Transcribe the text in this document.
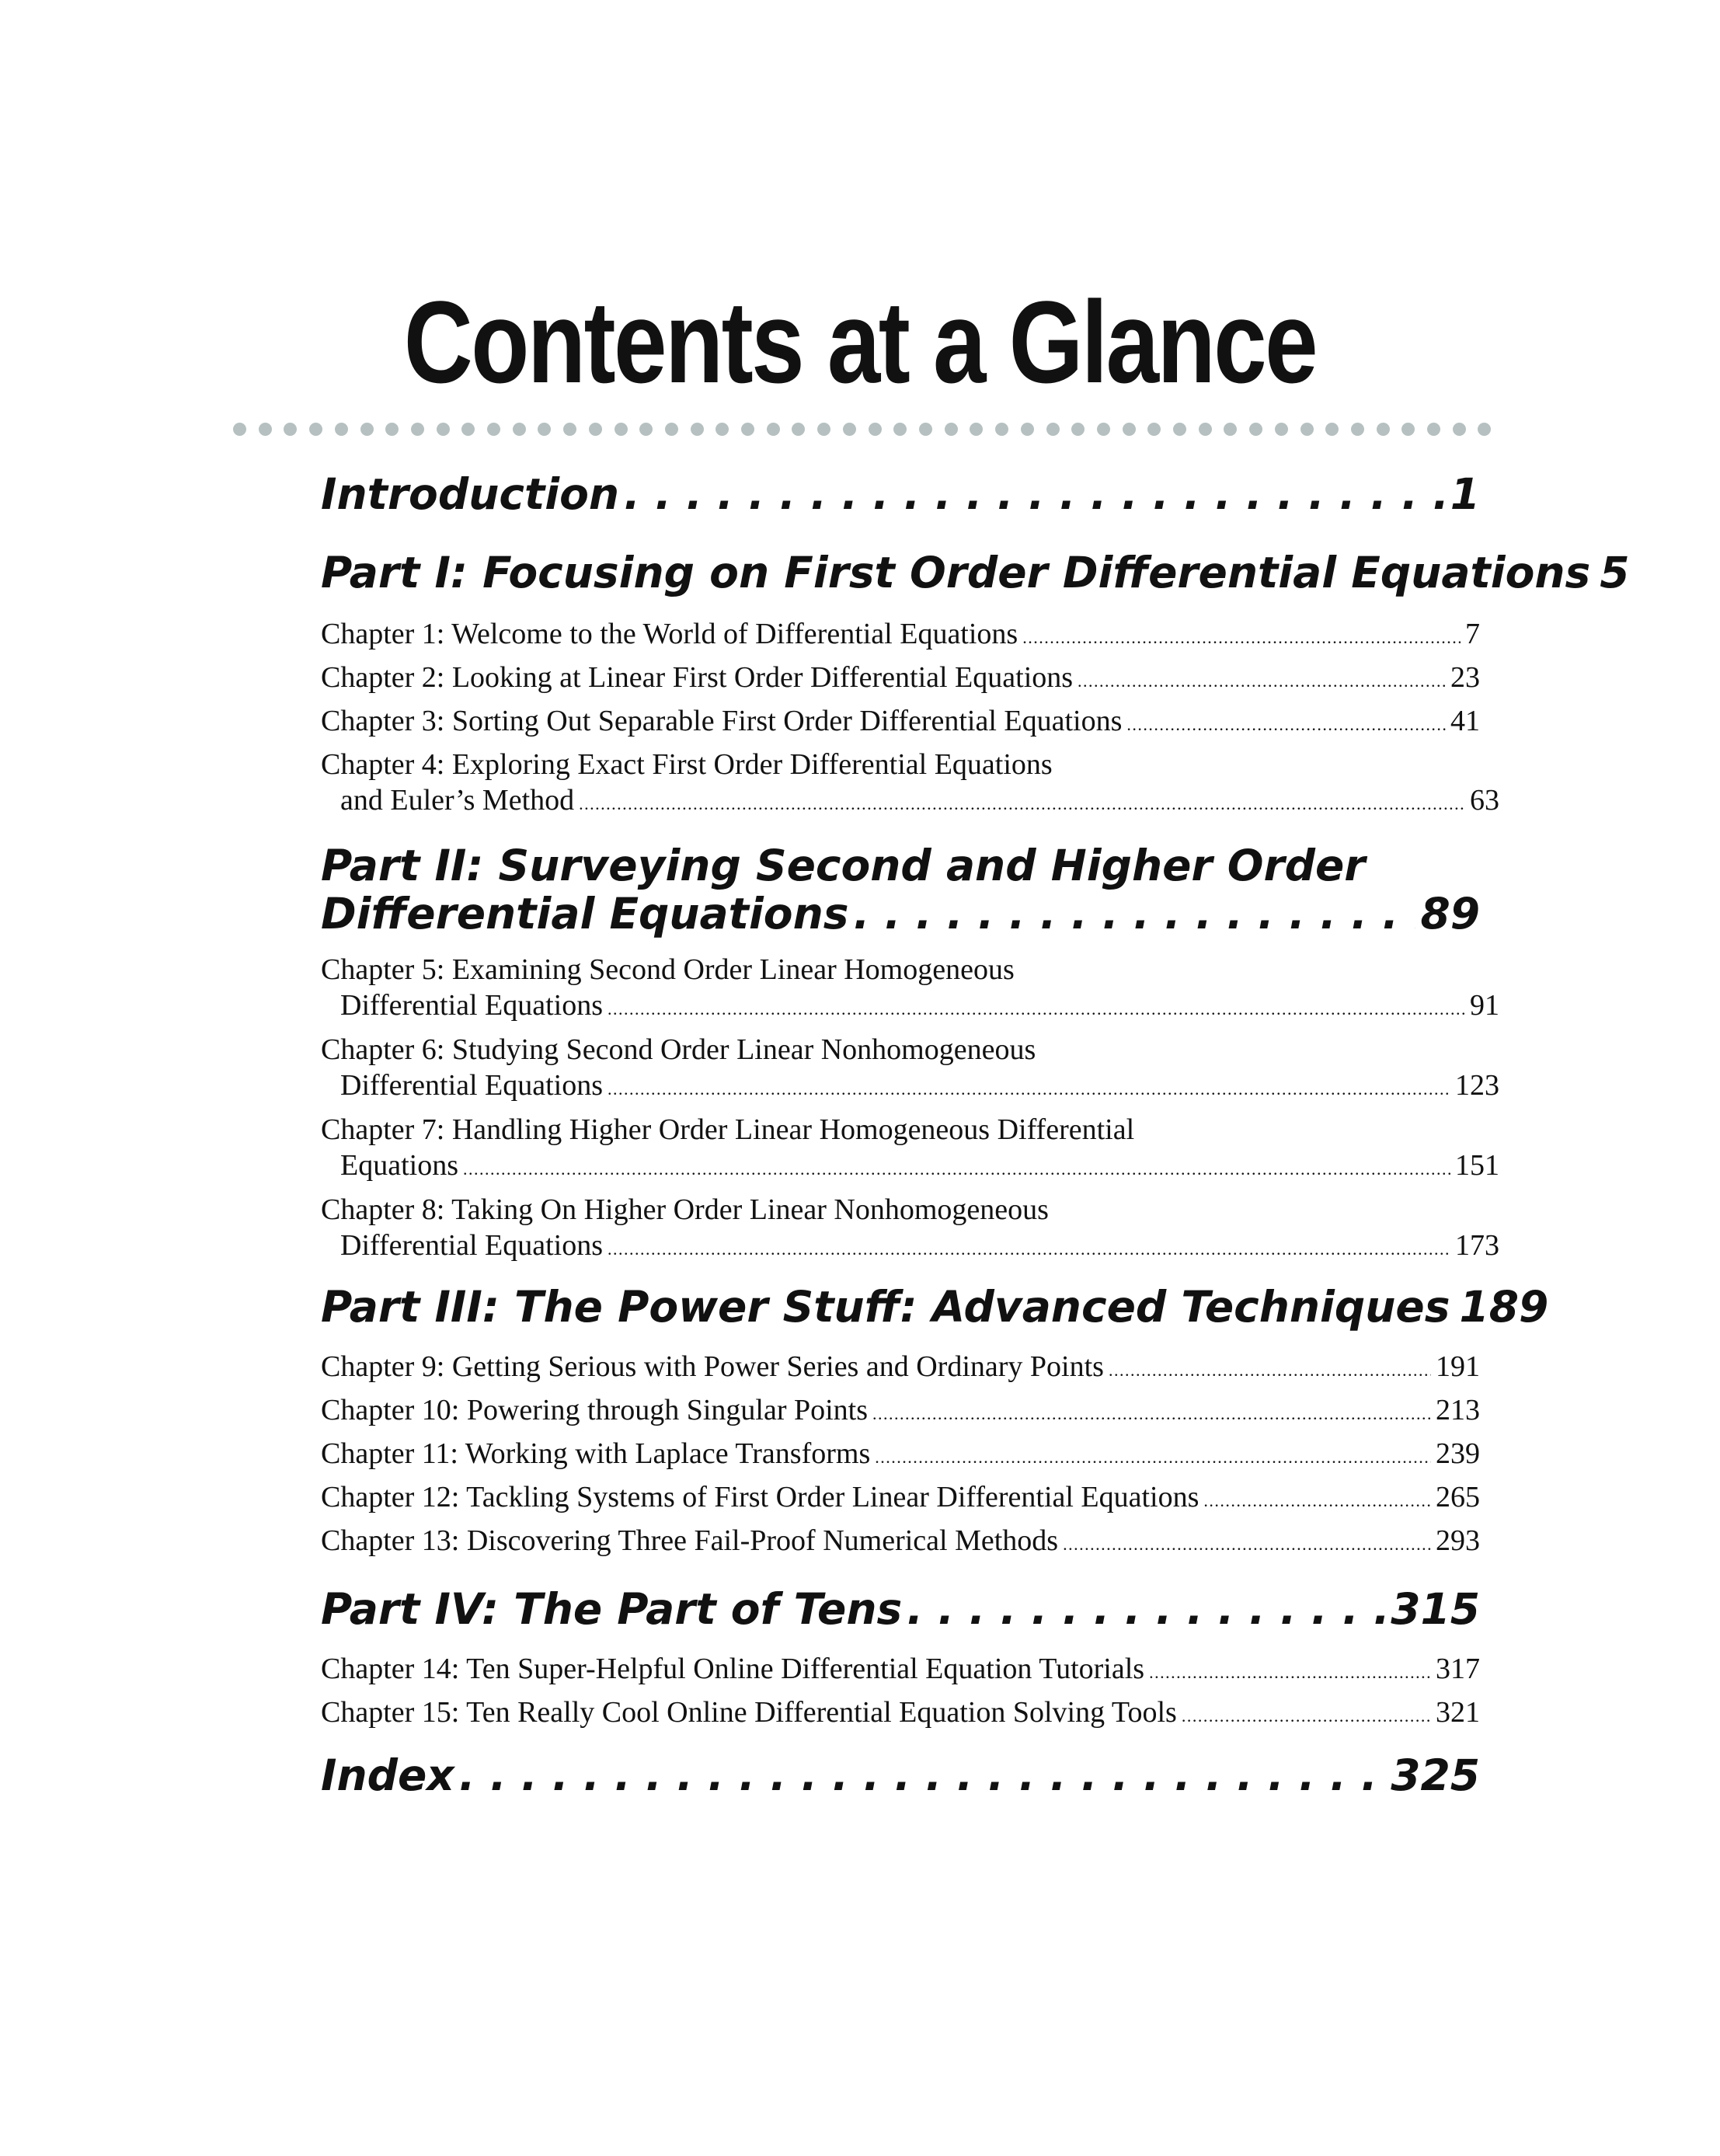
Contents at a Glance
Introduction . . .	1
Part I: Focusing on First Order Differential Equations 5
Chapter 1: Welcome to the World of Differential Equations . . .	7
Chapter 2: Looking at Linear First Order Differential Equations . . .	23
Chapter 3: Sorting Out Separable First Order Differential Equations . . .	41
Chapter 4: Exploring Exact First Order Differential Equations
and Euler’s Method . . .	63
Part II: Surveying Second and Higher Order
Differential Equations . . .	89
Chapter 5: Examining Second Order Linear Homogeneous
Differential Equations . . .	91
Chapter 6: Studying Second Order Linear Nonhomogeneous
Differential Equations . . .	123
Chapter 7: Handling Higher Order Linear Homogeneous Differential
Equations . . .	151
Chapter 8: Taking On Higher Order Linear Nonhomogeneous
Differential Equations . . .	173
Part III: The Power Stuff: Advanced Techniques 189
Chapter 9: Getting Serious with Power Series and Ordinary Points . . .	191
Chapter 10: Powering through Singular Points . . .	213
Chapter 11: Working with Laplace Transforms . . .	239
Chapter 12: Tackling Systems of First Order Linear Differential Equations . . .	265
Chapter 13: Discovering Three Fail-Proof Numerical Methods . . .	293
Part IV: The Part of Tens . . .	315
Chapter 14: Ten Super-Helpful Online Differential Equation Tutorials . . .	317
Chapter 15: Ten Really Cool Online Differential Equation Solving Tools . . .	321
Index . . .	325
